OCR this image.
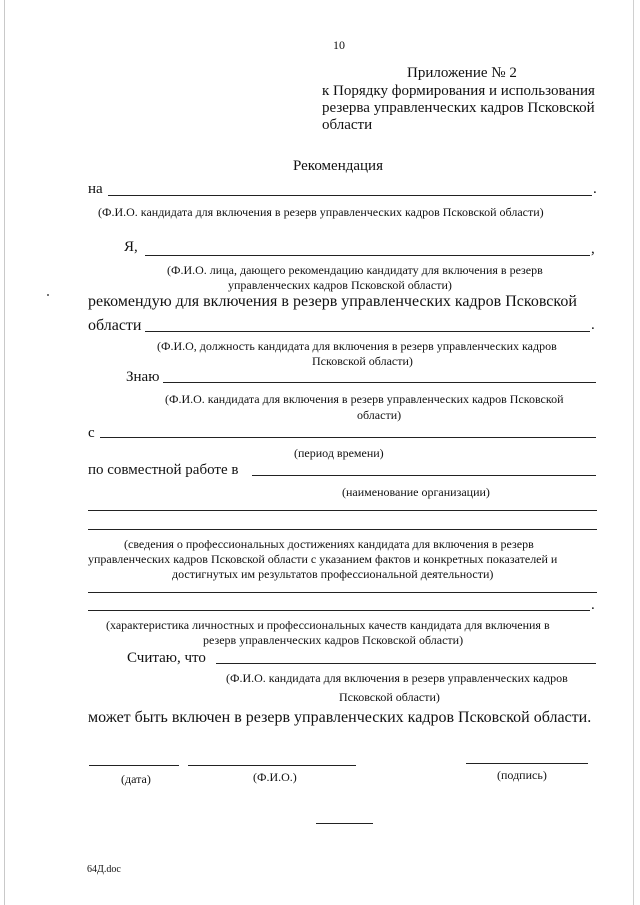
10
Приложение № 2
к Порядку формирования и использования
резерва управленческих кадров Псковской
области
Рекомендация
на	.
(Ф.И.О. кандидата для включения в резерв управленческих кадров Псковской области)
Я,	,
(Ф.И.О. лица, дающего рекомендацию кандидату для включения в резерв
управленческих кадров Псковской области)
рекомендую для включения в резерв управленческих кадров Псковской
области	.
(Ф.И.О, должность кандидата для включения в резерв управленческих кадров
Псковской области)
Знаю
(Ф.И.О. кандидата для включения в резерв управленческих кадров Псковской
области)
с
(период времени)
по совместной работе в
(наименование организации)
(сведения о профессиональных достижениях кандидата для включения в резерв
управленческих кадров Псковской области с указанием фактов и конкретных показателей и
достигнутых им результатов профессиональной деятельности)
.
(характеристика личностных и профессиональных качеств кандидата для включения в
резерв управленческих кадров Псковской области)
Считаю, что
(Ф.И.О. кандидата для включения в резерв управленческих кадров
Псковской области)
может быть включен в резерв управленческих кадров Псковской области.
(дата)	(Ф.И.О.)	(подпись)
64Д.doc
